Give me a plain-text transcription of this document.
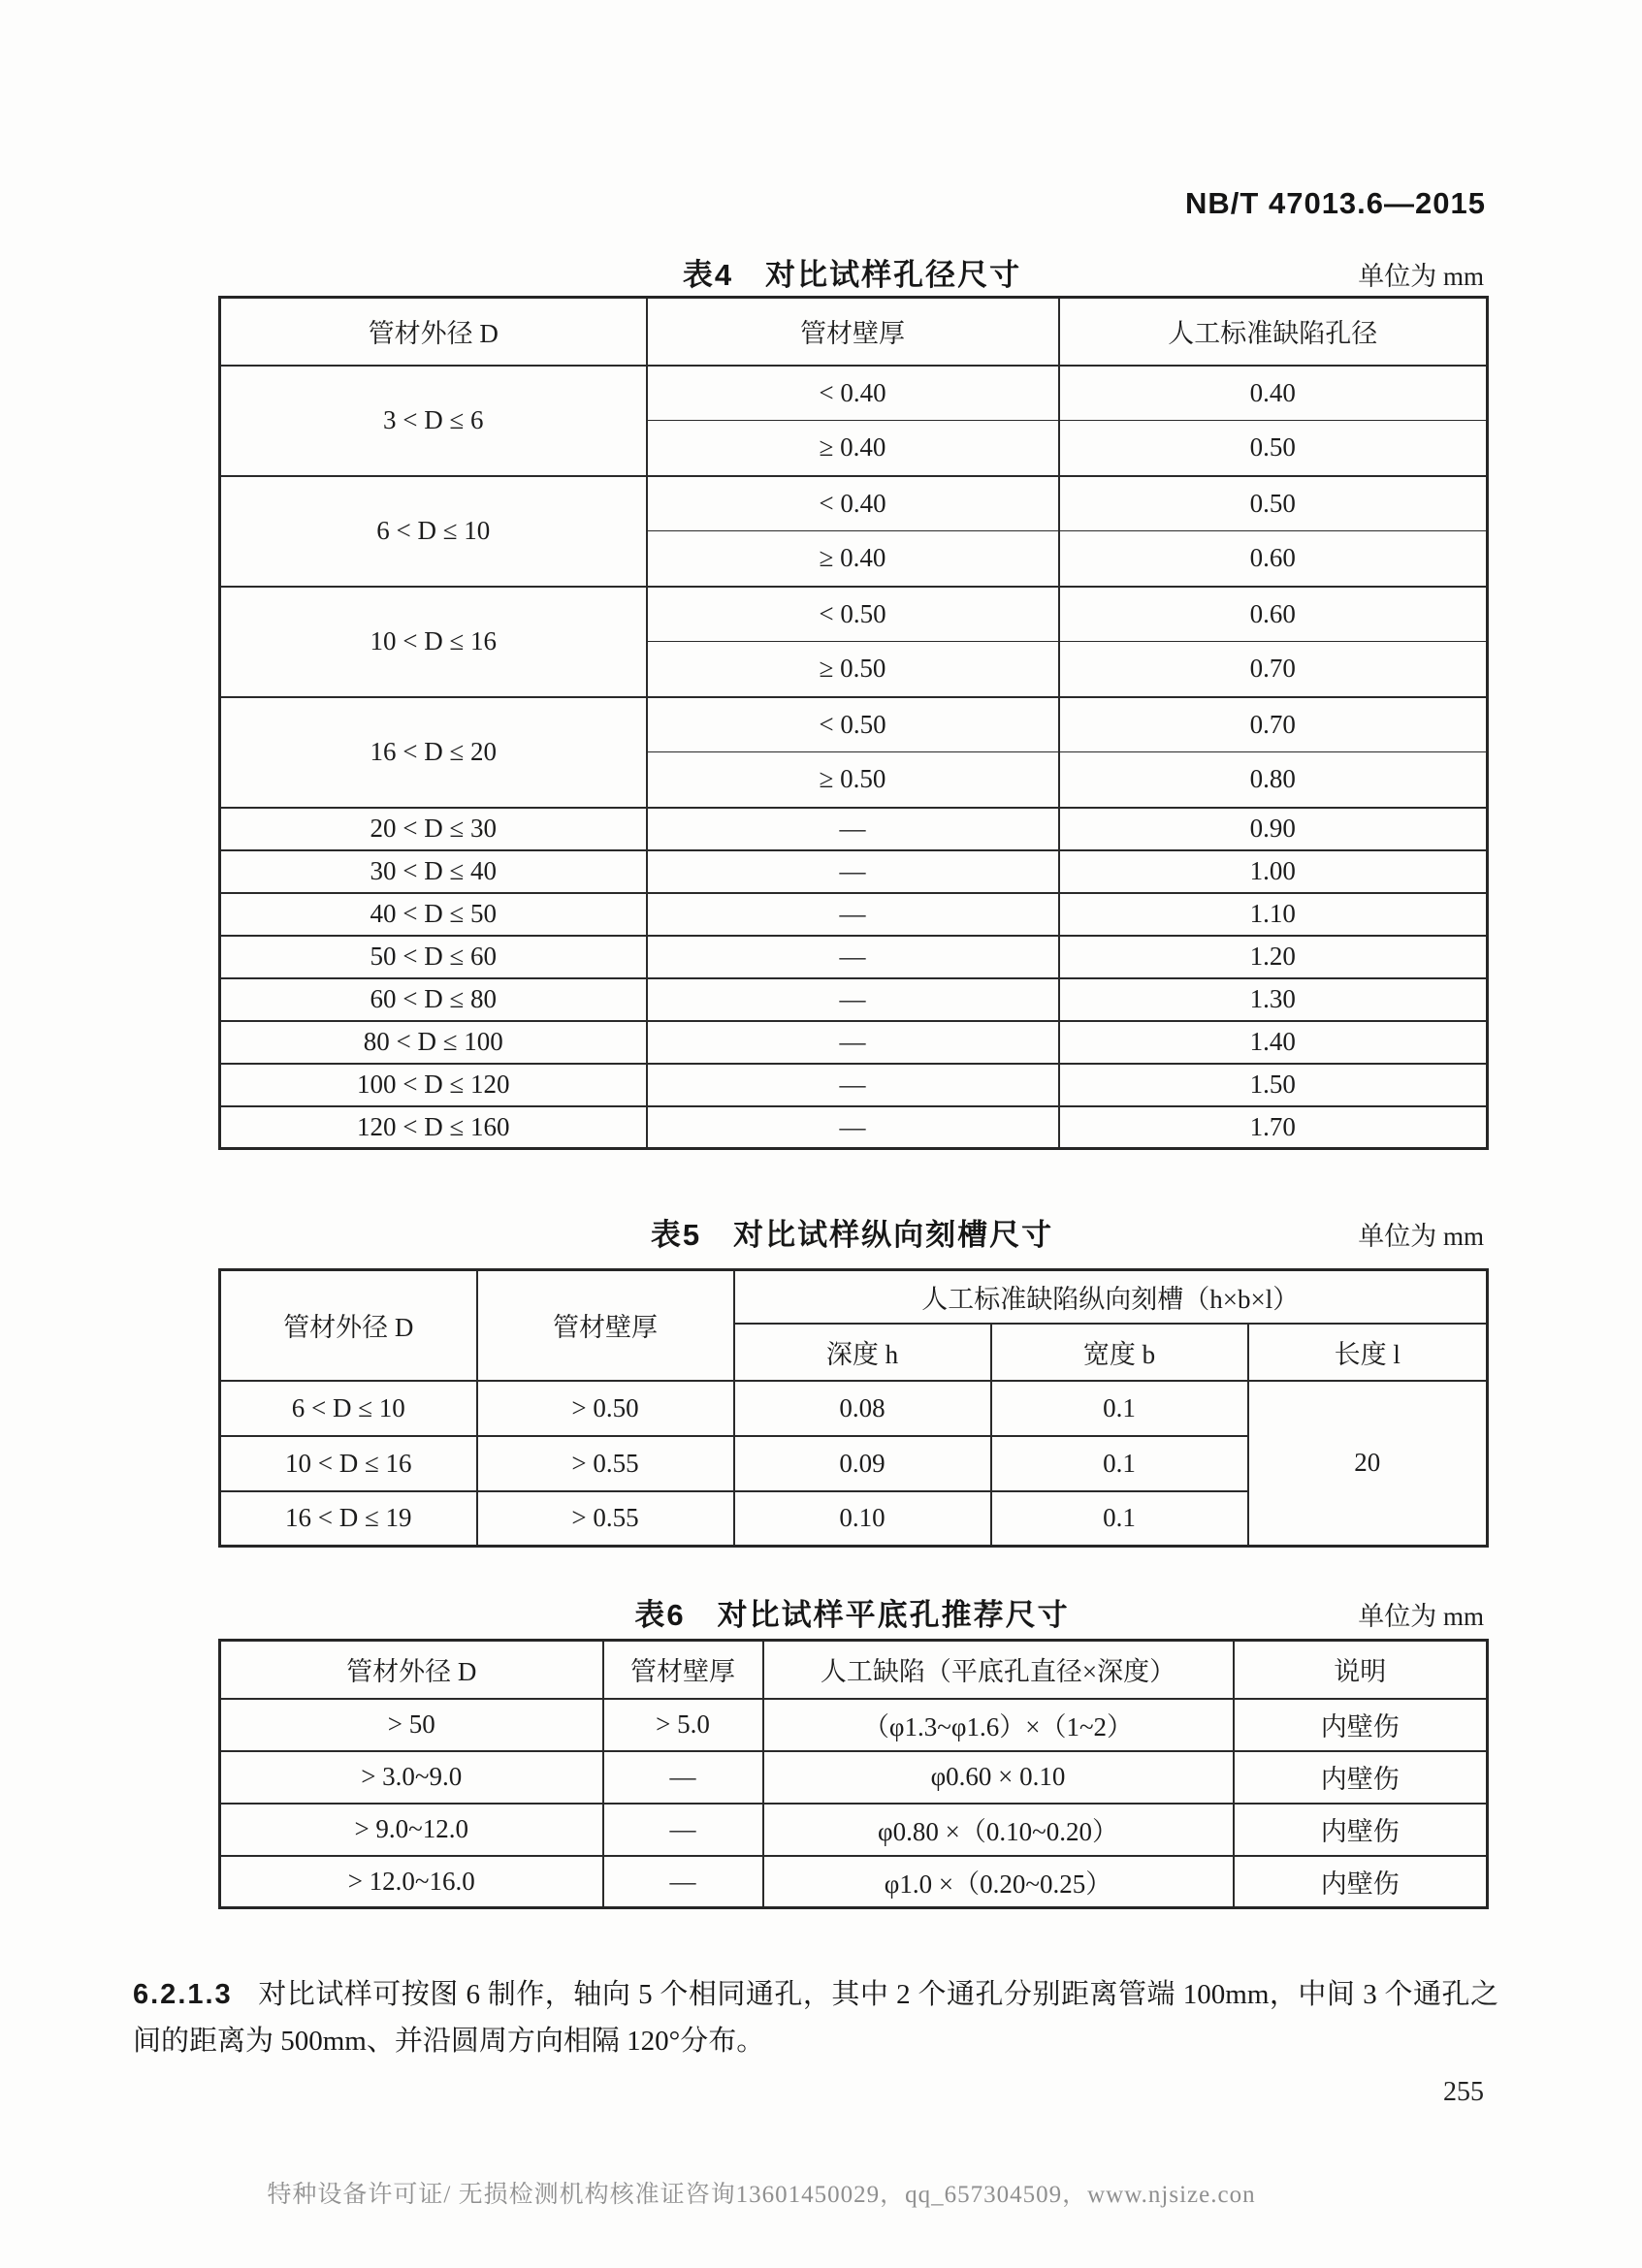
NB/T 47013.6—2015
表4　对比试样孔径尺寸	单位为 mm
管材外径 D	管材壁厚	人工标准缺陷孔径
3 < D ≤ 6	< 0.40	0.40
	≥ 0.40	0.50
6 < D ≤ 10	< 0.40	0.50
	≥ 0.40	0.60
10 < D ≤ 16	< 0.50	0.60
	≥ 0.50	0.70
16 < D ≤ 20	< 0.50	0.70
	≥ 0.50	0.80
20 < D ≤ 30	—	0.90
30 < D ≤ 40	—	1.00
40 < D ≤ 50	—	1.10
50 < D ≤ 60	—	1.20
60 < D ≤ 80	—	1.30
80 < D ≤ 100	—	1.40
100 < D ≤ 120	—	1.50
120 < D ≤ 160	—	1.70
表5　对比试样纵向刻槽尺寸	单位为 mm
管材外径 D	管材壁厚	人工标准缺陷纵向刻槽（h×b×l）		
		深度 h	宽度 b	长度 l
6 < D ≤ 10	> 0.50	0.08	0.1	20
10 < D ≤ 16	> 0.55	0.09	0.1	
16 < D ≤ 19	> 0.55	0.10	0.1	
表6　对比试样平底孔推荐尺寸	单位为 mm
管材外径 D	管材壁厚	人工缺陷（平底孔直径×深度）	说明
> 50	> 5.0	（φ1.3~φ1.6）×（1~2）	内壁伤
> 3.0~9.0	—	φ0.60 × 0.10	内壁伤
> 9.0~12.0	—	φ0.80 ×（0.10~0.20）	内壁伤
> 12.0~16.0	—	φ1.0 ×（0.20~0.25）	内壁伤

6.2.1.3 对比试样可按图 6 制作，轴向 5 个相同通孔，其中 2 个通孔分别距离管端 100mm，中间 3 个通孔之间的距离为 500mm、并沿圆周方向相隔 120°分布。

255
特种设备许可证/ 无损检测机构核准证咨询13601450029，qq_657304509，www.njsize.con
